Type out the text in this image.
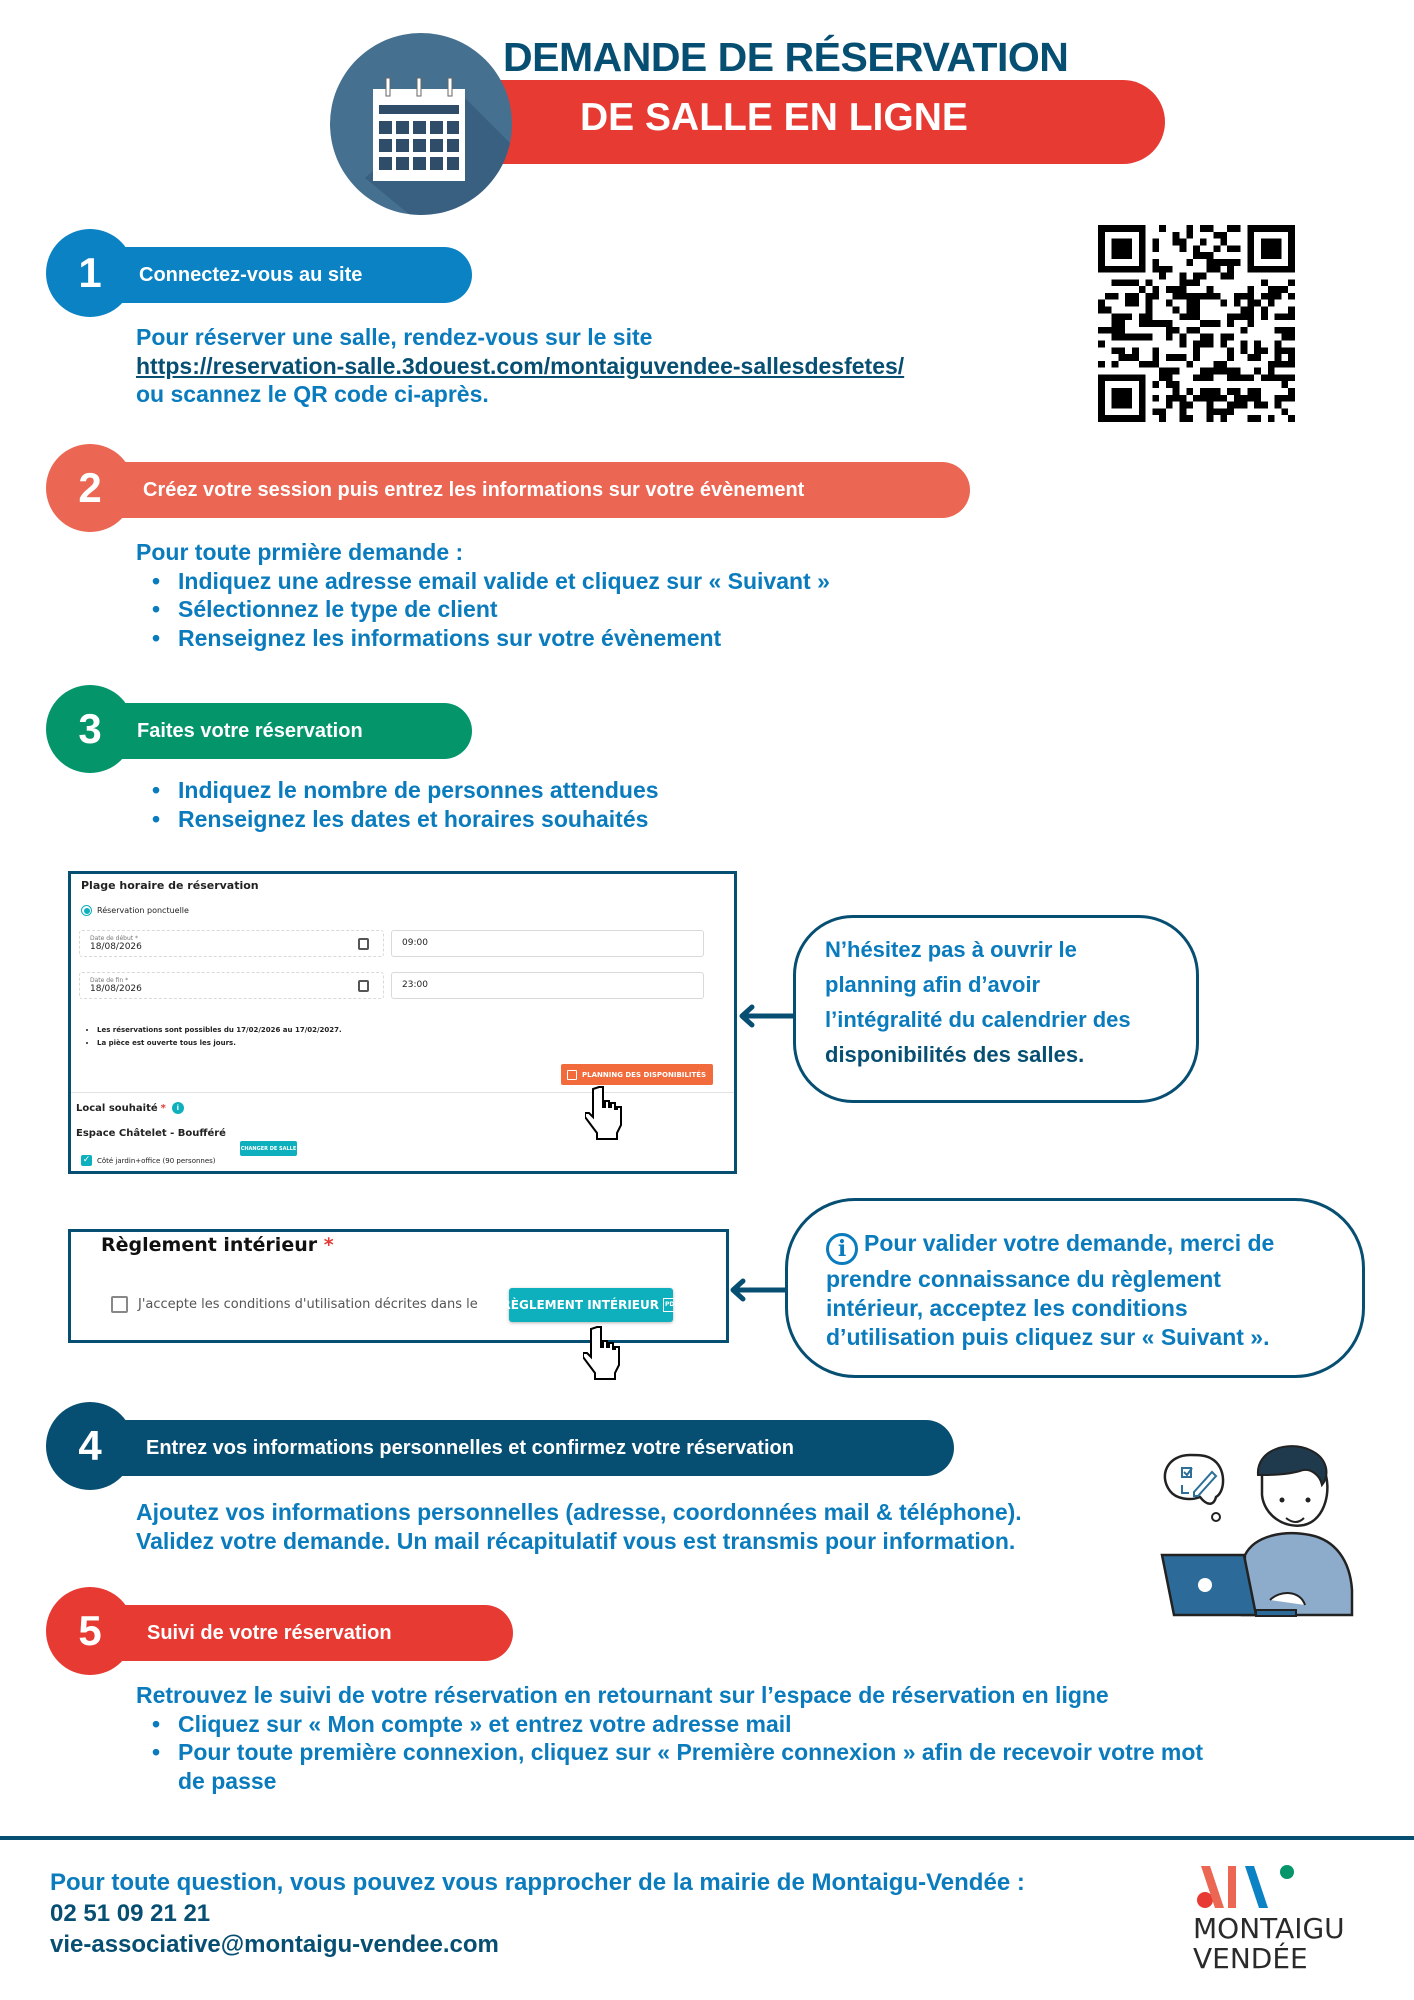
DEMANDE DE RÉSERVATION
DE SALLE EN LIGNE
Connectez-vous au site
1
Pour réserver une salle, rendez-vous sur le site
https://reservation-salle.3douest.com/montaiguvendee-sallesdesfetes/
ou scannez le QR code ci-après.
Créez votre session puis entrez les informations sur votre évènement
2
Pour toute prmière demande :
• Indiquez une adresse email valide et cliquez sur « Suivant »
• Sélectionnez le type de client
• Renseignez les informations sur votre évènement
Faites votre réservation
3
• Indiquez le nombre de personnes attendues
• Renseignez les dates et horaires souhaités
Plage horaire de réservation
Réservation ponctuelle
Date de début *
18/08/2026	09:00
Date de fin *
18/08/2026	23:00
• Les réservations sont possibles du 17/02/2026 au 17/02/2027.
• La pièce est ouverte tous les jours.
PLANNING DES DISPONIBILITÉS
Local souhaité *	i
Espace Châtelet - Boufféré
CHANGER DE SALLE
✓ Côté jardin+office (90 personnes)
N’hésitez pas à ouvrir le
planning afin d’avoir
l’intégralité du calendrier des
disponibilités des salles.
Règlement intérieur *
J'accepte les conditions d'utilisation décrites dans le RÈGLEMENT INTÉRIEUR	PDF
i Pour valider votre demande, merci de
prendre connaissance du règlement
intérieur, acceptez les conditions
d’utilisation puis cliquez sur « Suivant ».
Entrez vos informations personnelles et confirmez votre réservation
4
Ajoutez vos informations personnelles (adresse, coordonnées mail & téléphone).
Validez votre demande. Un mail récapitulatif vous est transmis pour information.
Suivi de votre réservation
5
Retrouvez le suivi de votre réservation en retournant sur l’espace de réservation en ligne
• Cliquez sur « Mon compte » et entrez votre adresse mail
• Pour toute première connexion, cliquez sur « Première connexion » afin de recevoir votre mot
de passe
Pour toute question, vous pouvez vous rapprocher de la mairie de Montaigu-Vendée :
02 51 09 21 21
vie-associative@montaigu-vendee.com	MONTAIGU
VENDÉE
